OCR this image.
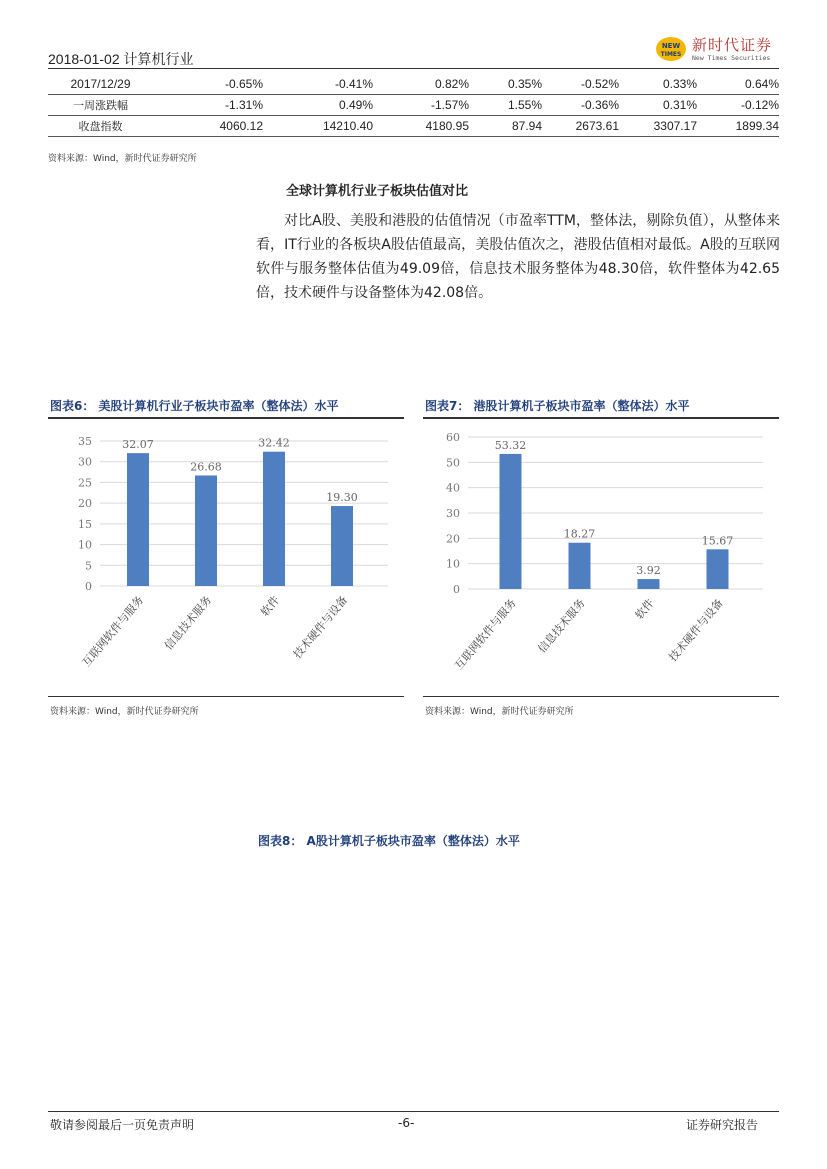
2018-01-02 计算机行业
NEW
TIMES
新时代证券
New Times Securities
2017/12/29	-0.65%	-0.41%	0.82%	0.35%	-0.52%	0.33%	0.64%
一周涨跌幅	-1.31%	0.49%	-1.57%	1.55%	-0.36%	0.31%	-0.12%
收盘指数	4060.12	14210.40	4180.95	87.94	2673.61	3307.17	1899.34
资料来源：Wind，新时代证券研究所
全球计算机行业子板块估值对比
对比A股、美股和港股的估值情况（市盈率TTM，整体法，剔除负值），从整体来看，IT行业的各板块A股估值最高，美股估值次之，港股估值相对最低。A股的互联网软件与服务整体估值为49.09倍，信息技术服务整体为48.30倍，软件整体为42.65倍，技术硬件与设备整体为42.08倍。
图表6： 美股计算机行业子板块市盈率（整体法）水平
0
5
10
15
20
25
30
35	32.07
互联网软件与服务
26.68
信息技术服务
32.42
软件
19.30
技术硬件与设备
资料来源：Wind，新时代证券研究所
图表7： 港股计算机子板块市盈率（整体法）水平
0
10
20
30
40
50
60
53.32
互联网软件与服务
18.27
信息技术服务
3.92
软件
15.67
技术硬件与设备
资料来源：Wind，新时代证券研究所
图表8： A股计算机子板块市盈率（整体法）水平
敬请参阅最后一页免责声明	-6-	证券研究报告
